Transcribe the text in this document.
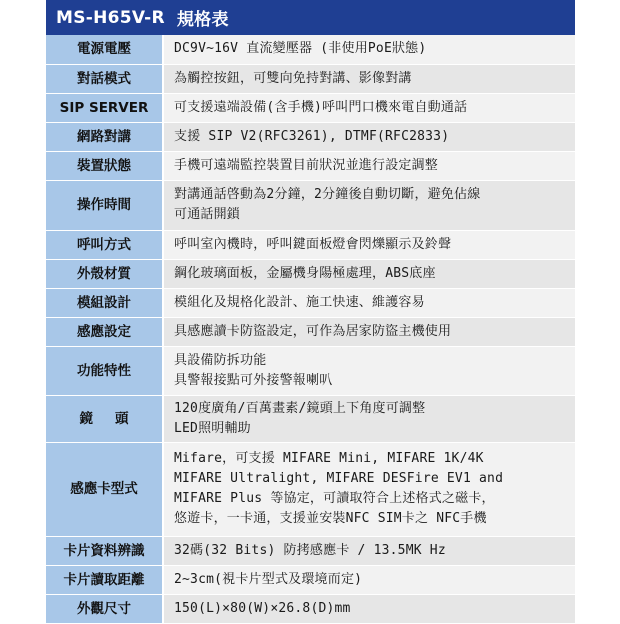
MS-H65V-R 規格表
電源電壓	DC9V~16V 直流變壓器 (非使用PoE狀態)
對話模式	為觸控按鈕，可雙向免持對講、影像對講
SIP SERVER	可支援遠端設備(含手機)呼叫門口機來電自動通話
網路對講	支援 SIP V2(RFC3261), DTMF(RFC2833)
裝置狀態	手機可遠端監控裝置目前狀況並進行設定調整
操作時間	對講通話啓動為2分鐘，2分鐘後自動切斷，避免佔線
可通話開鎖
呼叫方式	呼叫室內機時，呼叫鍵面板燈會閃爍顯示及鈴聲
外殼材質	鋼化玻璃面板，金屬機身陽極處理，ABS底座
模組設計	模組化及規格化設計、施工快速、維護容易
感應設定	具感應讀卡防盜設定，可作為居家防盜主機使用
功能特性	具設備防拆功能
具警報接點可外接警報喇叭
鏡頭	120度廣角/百萬畫素/鏡頭上下角度可調整
LED照明輔助
感應卡型式	Mifare，可支援 MIFARE Mini, MIFARE 1K/4K
MIFARE Ultralight, MIFARE DESFire EV1 and
MIFARE Plus 等協定，可讀取符合上述格式之磁卡，
悠遊卡，一卡通，支援並安裝NFC SIM卡之 NFC手機
卡片資料辨識	32碼(32 Bits) 防拷感應卡 / 13.5MK Hz
卡片讀取距離	2~3cm(視卡片型式及環境而定)
外觀尺寸	150(L)×80(W)×26.8(D)mm
